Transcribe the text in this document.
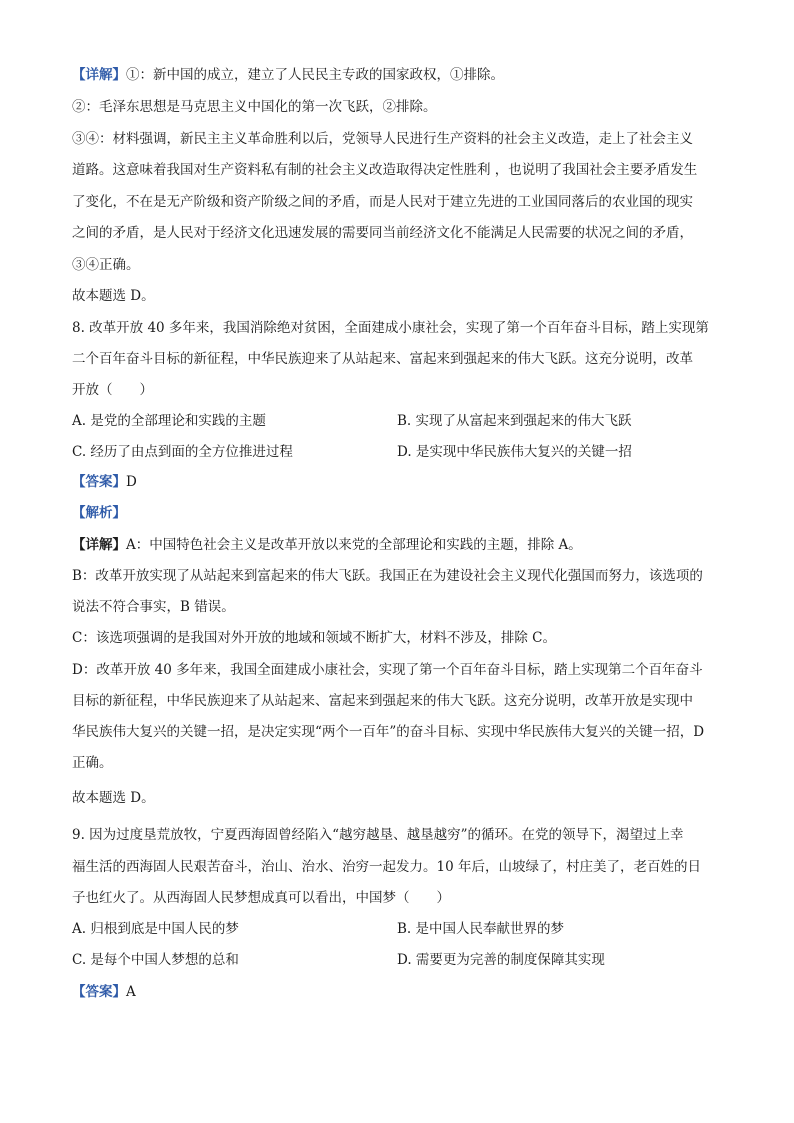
【详解】①：新中国的成立，建立了人民民主专政的国家政权，①排除。
②：毛泽东思想是马克思主义中国化的第一次飞跃，②排除。
③④：材料强调，新民主主义革命胜利以后，党领导人民进行生产资料的社会主义改造，走上了社会主义
道路。这意味着我国对生产资料私有制的社会主义改造取得决定性胜利 ，也说明了我国社会主要矛盾发生
了变化，不在是无产阶级和资产阶级之间的矛盾，而是人民对于建立先进的工业国同落后的农业国的现实
之间的矛盾，是人民对于经济文化迅速发展的需要同当前经济文化不能满足人民需要的状况之间的矛盾，
③④正确。
故本题选 D。
8. 改革开放 40 多年来，我国消除绝对贫困，全面建成小康社会，实现了第一个百年奋斗目标，踏上实现第
二个百年奋斗目标的新征程，中华民族迎来了从站起来、富起来到强起来的伟大飞跃。这充分说明，改革
开放（　　）
A. 是党的全部理论和实践的主题	B. 实现了从富起来到强起来的伟大飞跃
C. 经历了由点到面的全方位推进过程	D. 是实现中华民族伟大复兴的关键一招
【答案】D
【解析】
【详解】A：中国特色社会主义是改革开放以来党的全部理论和实践的主题，排除 A。
B：改革开放实现了从站起来到富起来的伟大飞跃。我国正在为建设社会主义现代化强国而努力，该选项的
说法不符合事实，B 错误。
C：该选项强调的是我国对外开放的地域和领域不断扩大，材料不涉及，排除 C。
D：改革开放 40 多年来，我国全面建成小康社会，实现了第一个百年奋斗目标，踏上实现第二个百年奋斗
目标的新征程，中华民族迎来了从站起来、富起来到强起来的伟大飞跃。这充分说明，改革开放是实现中
华民族伟大复兴的关键一招，是决定实现“两个一百年”的奋斗目标、实现中华民族伟大复兴的关键一招，D
正确。
故本题选 D。
9. 因为过度垦荒放牧，宁夏西海固曾经陷入“越穷越垦、越垦越穷”的循环。在党的领导下，渴望过上幸
福生活的西海固人民艰苦奋斗，治山、治水、治穷一起发力。10 年后，山坡绿了，村庄美了，老百姓的日
子也红火了。从西海固人民梦想成真可以看出，中国梦（　　）
A. 归根到底是中国人民的梦	B. 是中国人民奉献世界的梦
C. 是每个中国人梦想的总和	D. 需要更为完善的制度保障其实现
【答案】A
